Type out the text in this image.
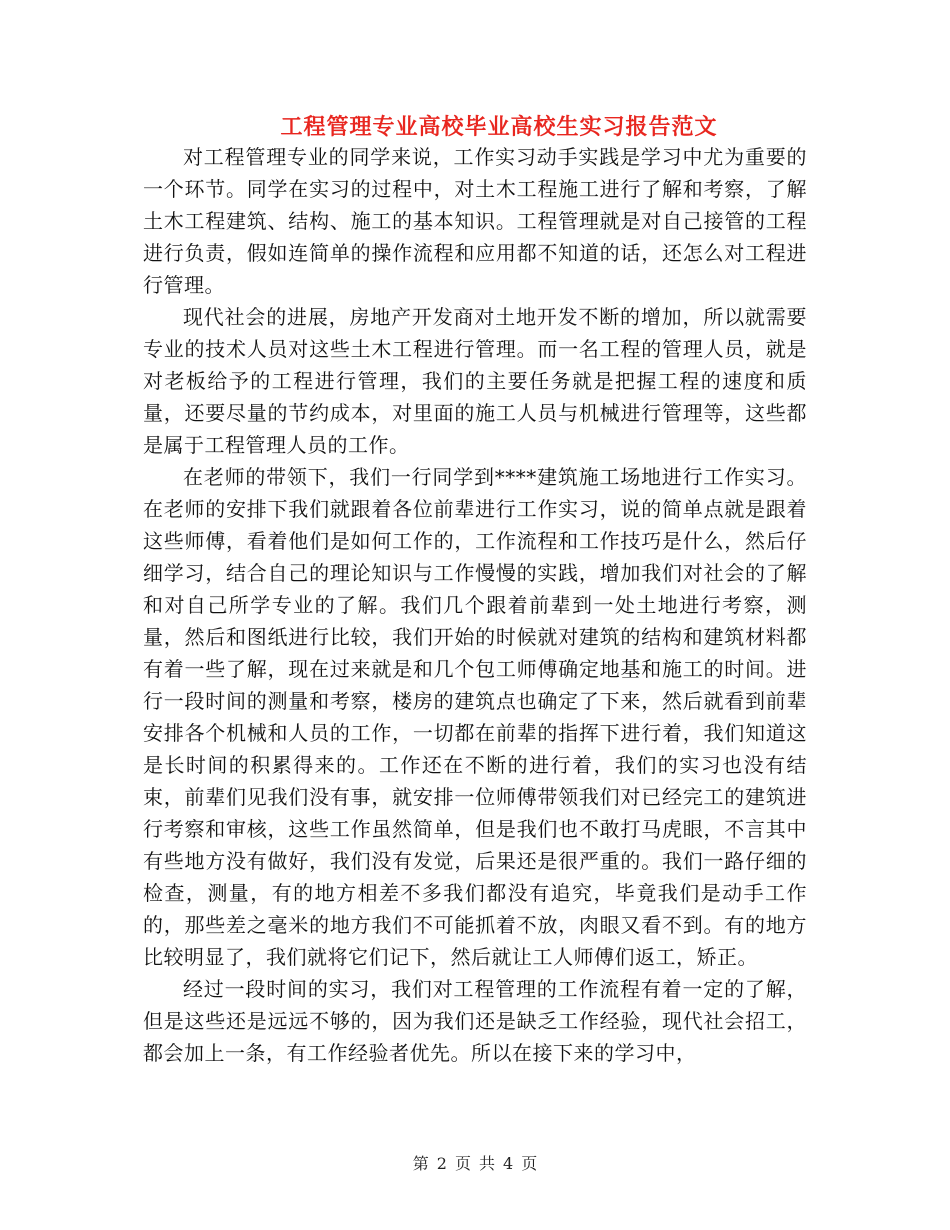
工程管理专业高校毕业高校生实习报告范文

对工程管理专业的同学来说，工作实习动手实践是学习中尤为重要的一个环节。同学在实习的过程中，对土木工程施工进行了解和考察，了解土木工程建筑、结构、施工的基本知识。工程管理就是对自己接管的工程进行负责，假如连简单的操作流程和应用都不知道的话，还怎么对工程进行管理。

现代社会的进展，房地产开发商对土地开发不断的增加，所以就需要专业的技术人员对这些土木工程进行管理。而一名工程的管理人员，就是对老板给予的工程进行管理，我们的主要任务就是把握工程的速度和质量，还要尽量的节约成本，对里面的施工人员与机械进行管理等，这些都是属于工程管理人员的工作。

在老师的带领下，我们一行同学到****建筑施工场地进行工作实习。在老师的安排下我们就跟着各位前辈进行工作实习，说的简单点就是跟着这些师傅，看着他们是如何工作的，工作流程和工作技巧是什么，然后仔细学习，结合自己的理论知识与工作慢慢的实践，增加我们对社会的了解和对自己所学专业的了解。我们几个跟着前辈到一处土地进行考察，测量，然后和图纸进行比较，我们开始的时候就对建筑的结构和建筑材料都有着一些了解，现在过来就是和几个包工师傅确定地基和施工的时间。进行一段时间的测量和考察，楼房的建筑点也确定了下来，然后就看到前辈安排各个机械和人员的工作，一切都在前辈的指挥下进行着，我们知道这是长时间的积累得来的。工作还在不断的进行着，我们的实习也没有结束，前辈们见我们没有事，就安排一位师傅带领我们对已经完工的建筑进行考察和审核，这些工作虽然简单，但是我们也不敢打马虎眼，不言其中有些地方没有做好，我们没有发觉，后果还是很严重的。我们一路仔细的检查，测量，有的地方相差不多我们都没有追究，毕竟我们是动手工作的，那些差之毫米的地方我们不可能抓着不放，肉眼又看不到。有的地方比较明显了，我们就将它们记下，然后就让工人师傅们返工，矫正。

经过一段时间的实习，我们对工程管理的工作流程有着一定的了解，但是这些还是远远不够的，因为我们还是缺乏工作经验，现代社会招工，都会加上一条，有工作经验者优先。所以在接下来的学习中，

第 2 页 共 4 页
